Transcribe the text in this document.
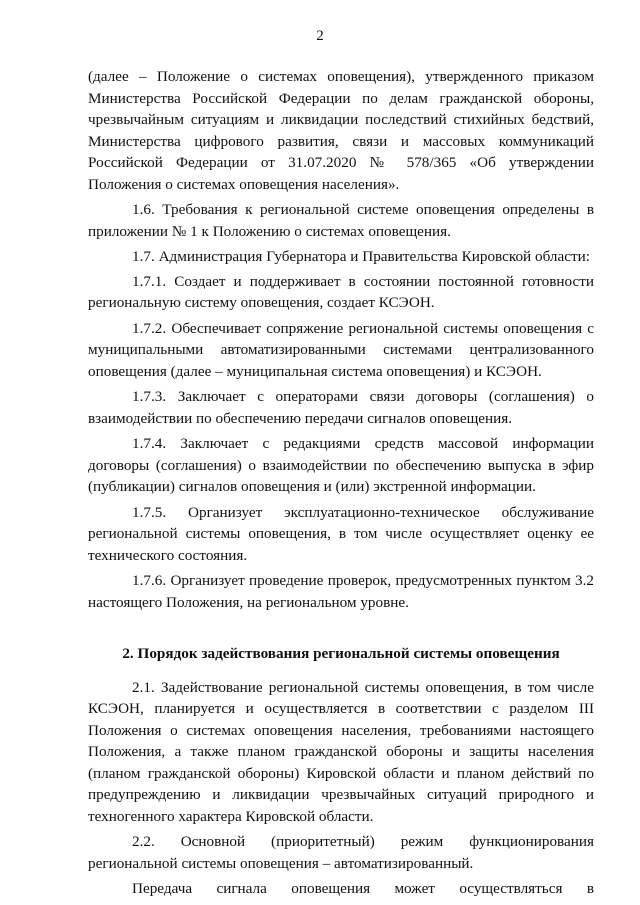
2

(далее – Положение о системах оповещения), утвержденного приказом Министерства Российской Федерации по делам гражданской обороны, чрезвычайным ситуациям и ликвидации последствий стихийных бедствий, Министерства цифрового развития, связи и массовых коммуникаций Российской Федерации от 31.07.2020 № 578/365 «Об утверждении Положения о системах оповещения населения».

1.6. Требования к региональной системе оповещения определены в приложении № 1 к Положению о системах оповещения.

1.7. Администрация Губернатора и Правительства Кировской области:

1.7.1. Создает и поддерживает в состоянии постоянной готовности региональную систему оповещения, создает КСЭОН.

1.7.2. Обеспечивает сопряжение региональной системы оповещения с муниципальными автоматизированными системами централизованного оповещения (далее – муниципальная система оповещения) и КСЭОН.

1.7.3. Заключает с операторами связи договоры (соглашения) о взаимодействии по обеспечению передачи сигналов оповещения.

1.7.4. Заключает с редакциями средств массовой информации договоры (соглашения) о взаимодействии по обеспечению выпуска в эфир (публикации) сигналов оповещения и (или) экстренной информации.

1.7.5. Организует эксплуатационно-техническое обслуживание региональной системы оповещения, в том числе осуществляет оценку ее технического состояния.

1.7.6. Организует проведение проверок, предусмотренных пунктом 3.2 настоящего Положения, на региональном уровне.

2. Порядок задействования региональной системы оповещения

2.1. Задействование региональной системы оповещения, в том числе КСЭОН, планируется и осуществляется в соответствии с разделом III Положения о системах оповещения населения, требованиями настоящего Положения, а также планом гражданской обороны и защиты населения (планом гражданской обороны) Кировской области и планом действий по предупреждению и ликвидации чрезвычайных ситуаций природного и техногенного характера Кировской области.

2.2. Основной (приоритетный) режим функционирования региональной системы оповещения – автоматизированный.

Передача сигнала оповещения может осуществляться в
